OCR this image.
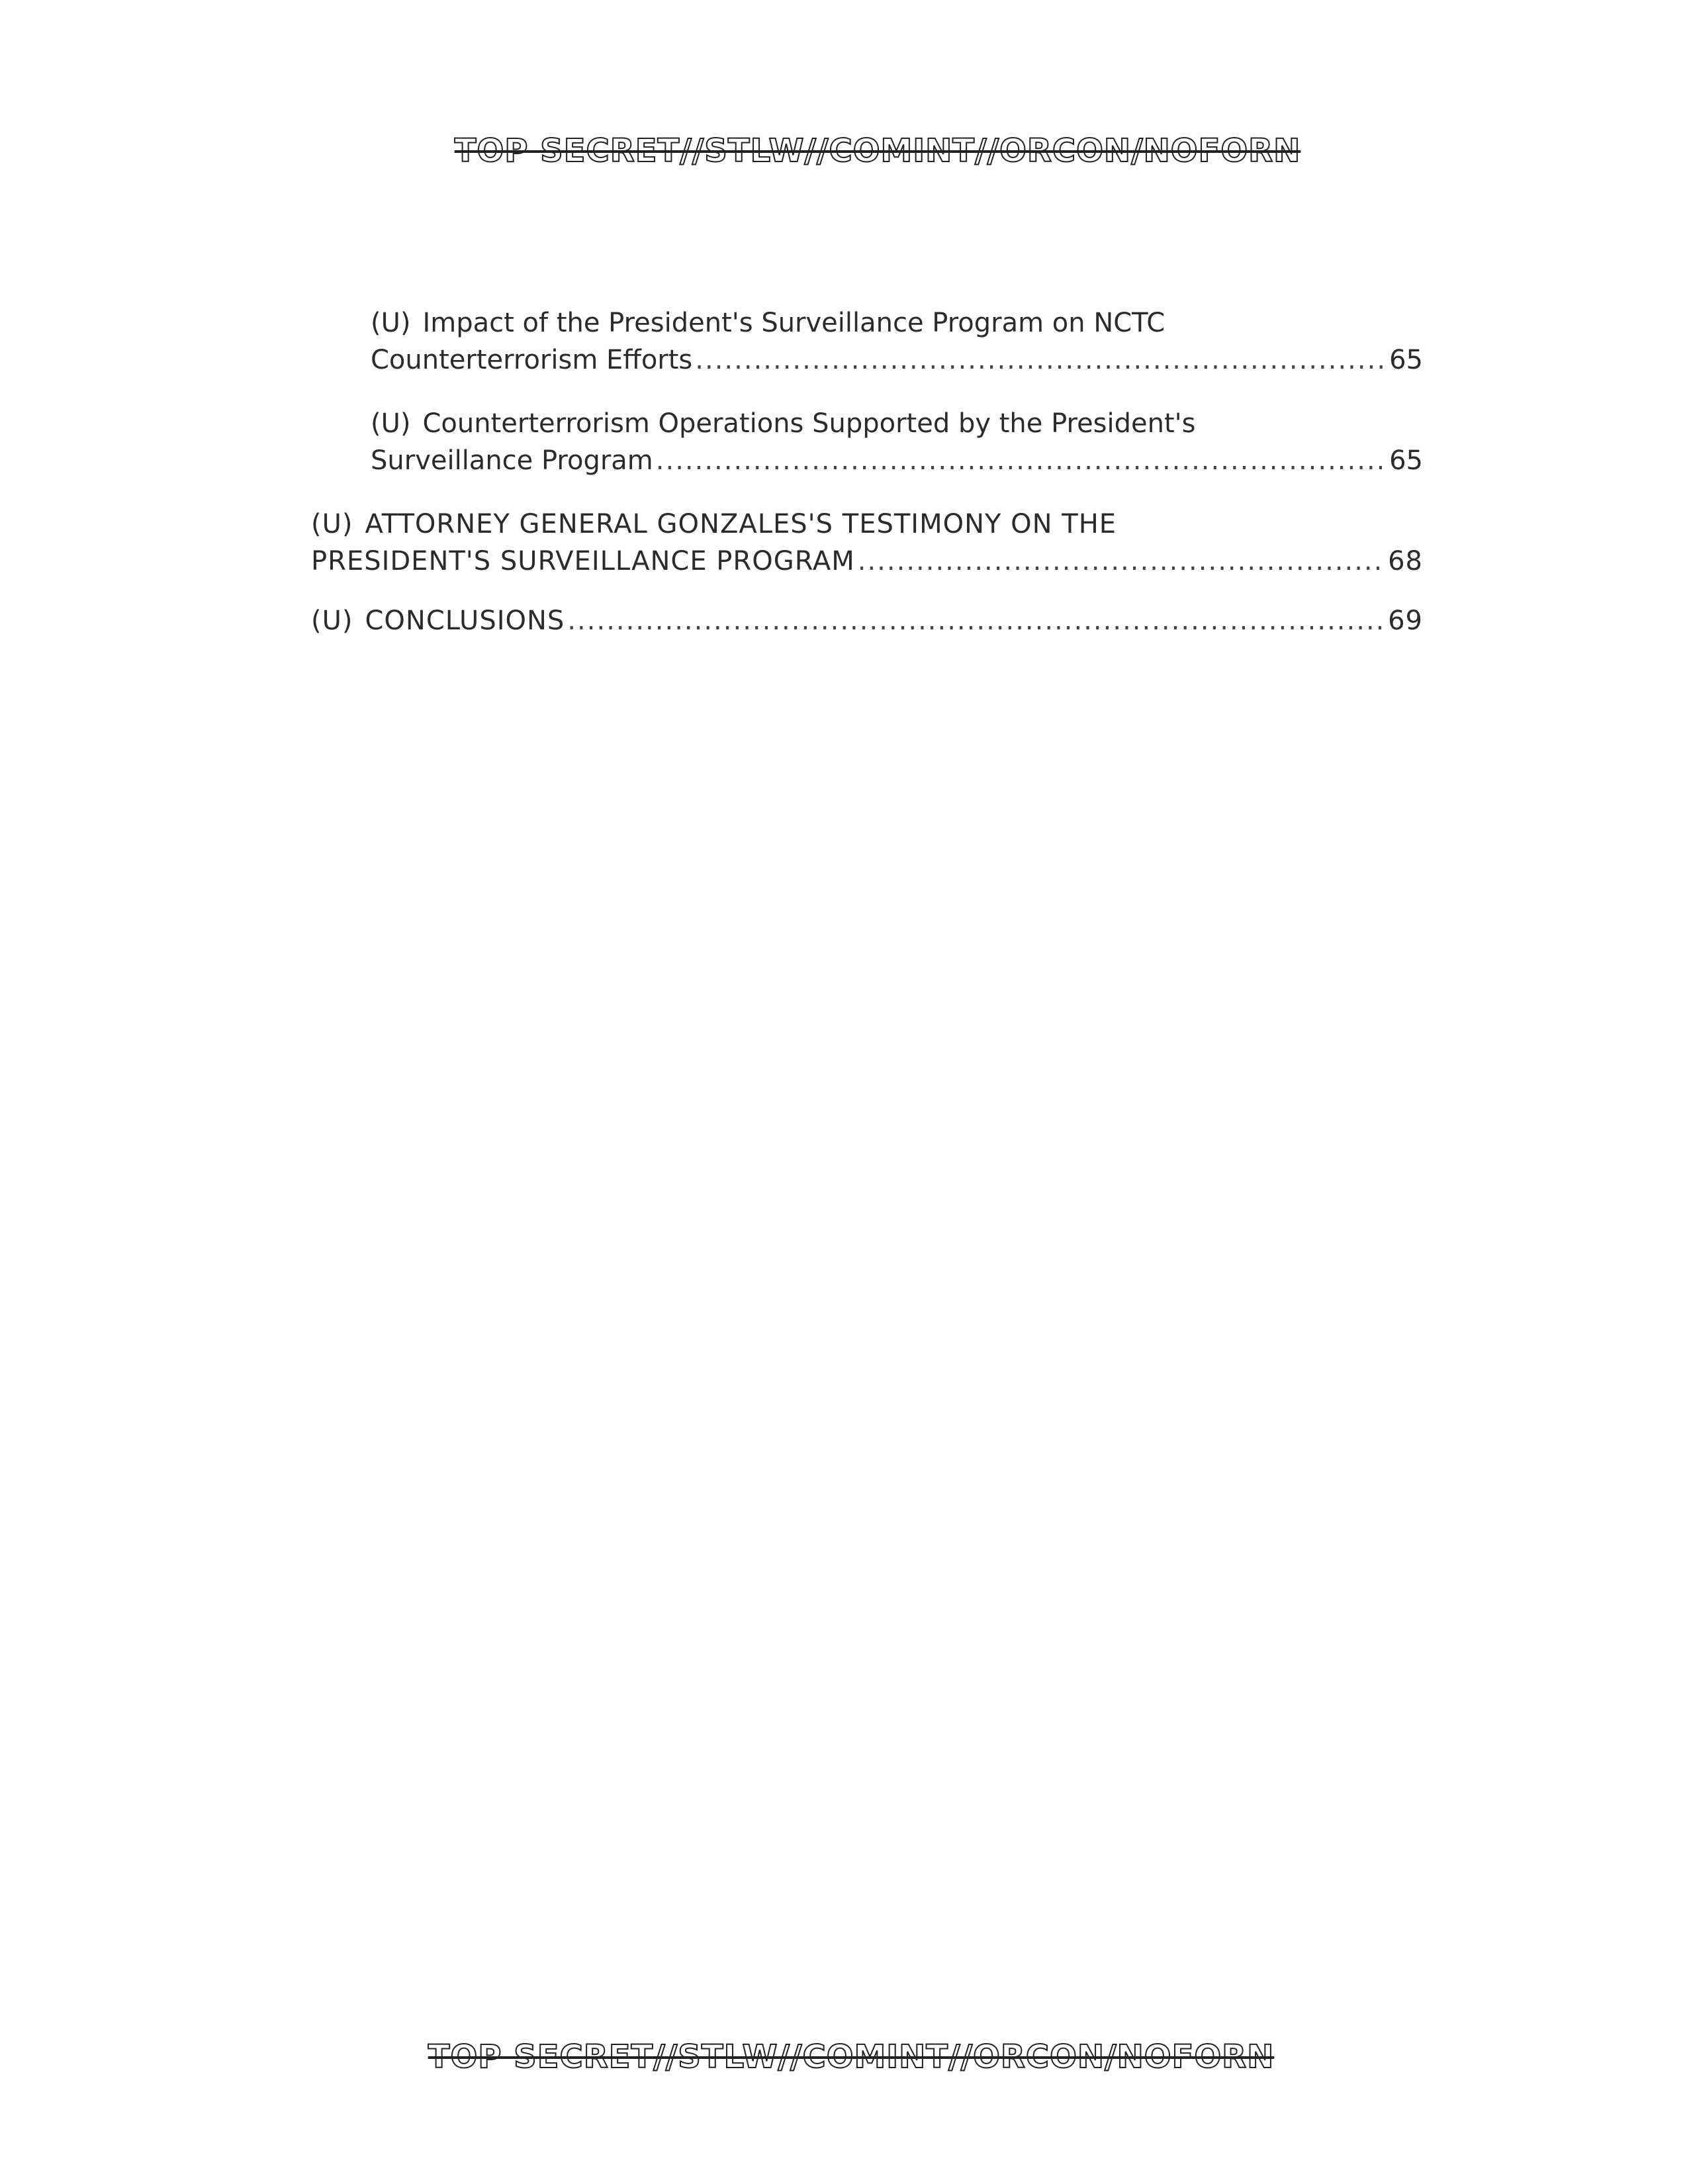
TOP SECRET//STLW//COMINT//ORCON/NOFORN
(U) Impact of the President's Surveillance Program on NCTC
Counterterrorism Efforts .....	65
(U) Counterterrorism Operations Supported by the President's
Surveillance Program .....	65
(U) ATTORNEY GENERAL GONZALES'S TESTIMONY ON THE
PRESIDENT'S SURVEILLANCE PROGRAM .....	68
(U) CONCLUSIONS .....	69
TOP SECRET//STLW//COMINT//ORCON/NOFORN
